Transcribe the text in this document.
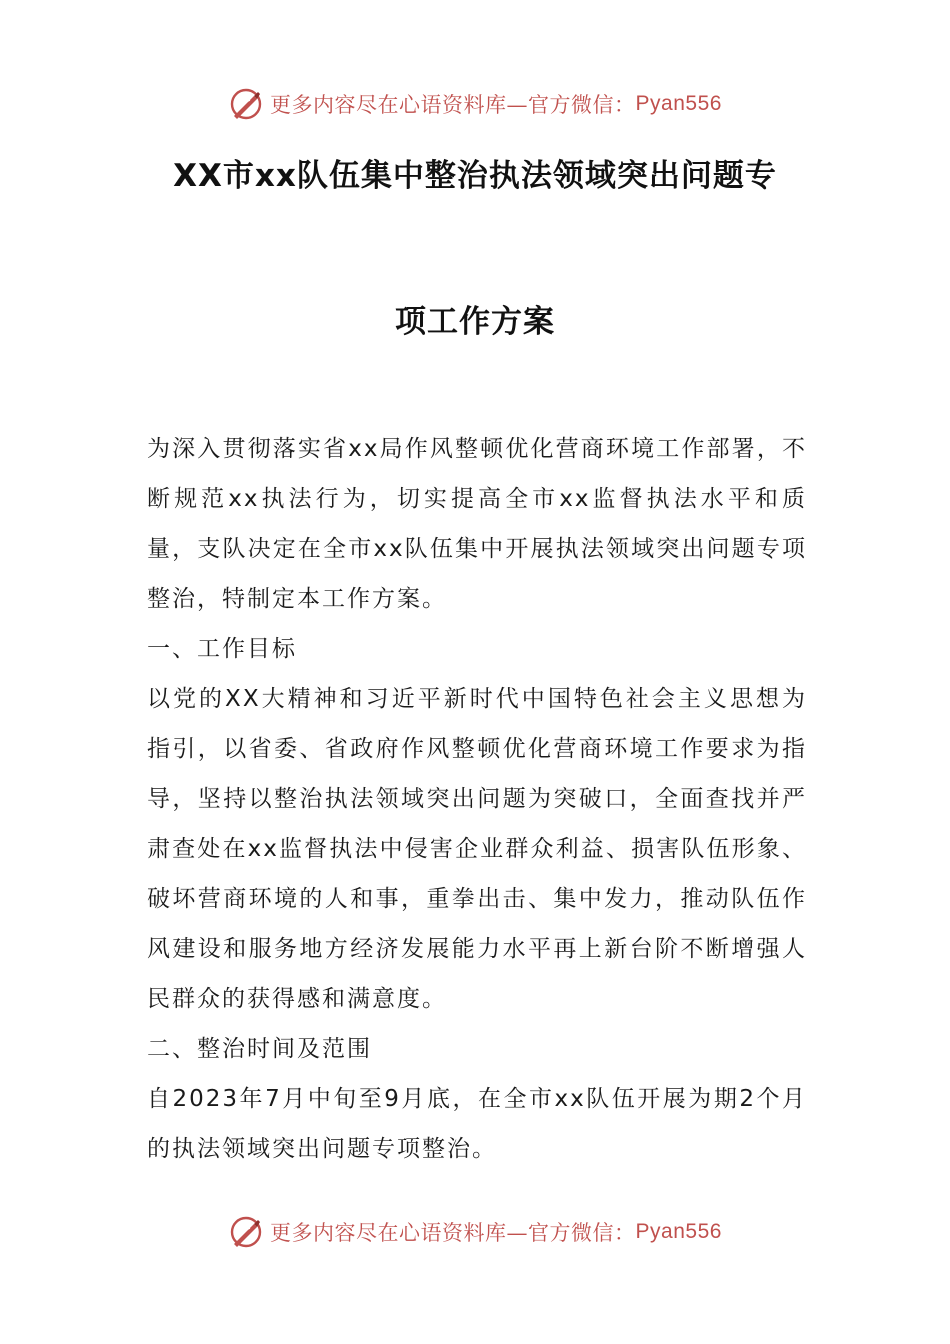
更多内容尽在心语资料库—官方微信： Pyan556
XX市xx队伍集中整治执法领域突出问题专
项工作方案

为深入贯彻落实省xx局作风整顿优化营商环境工作部署，不断规范xx执法行为，切实提高全市xx监督执法水平和质量，支队决定在全市xx队伍集中开展执法领域突出问题专项整治，特制定本工作方案。

一、工作目标

以党的XX大精神和习近平新时代中国特色社会主义思想为指引，以省委、省政府作风整顿优化营商环境工作要求为指导，坚持以整治执法领域突出问题为突破口，全面查找并严肃查处在xx监督执法中侵害企业群众利益、损害队伍形象、破坏营商环境的人和事，重拳出击、集中发力，推动队伍作风建设和服务地方经济发展能力水平再上新台阶不断增强人民群众的获得感和满意度。

二、整治时间及范围

自2023年7月中旬至9月底，在全市xx队伍开展为期2个月的执法领域突出问题专项整治。

更多内容尽在心语资料库—官方微信： Pyan556
